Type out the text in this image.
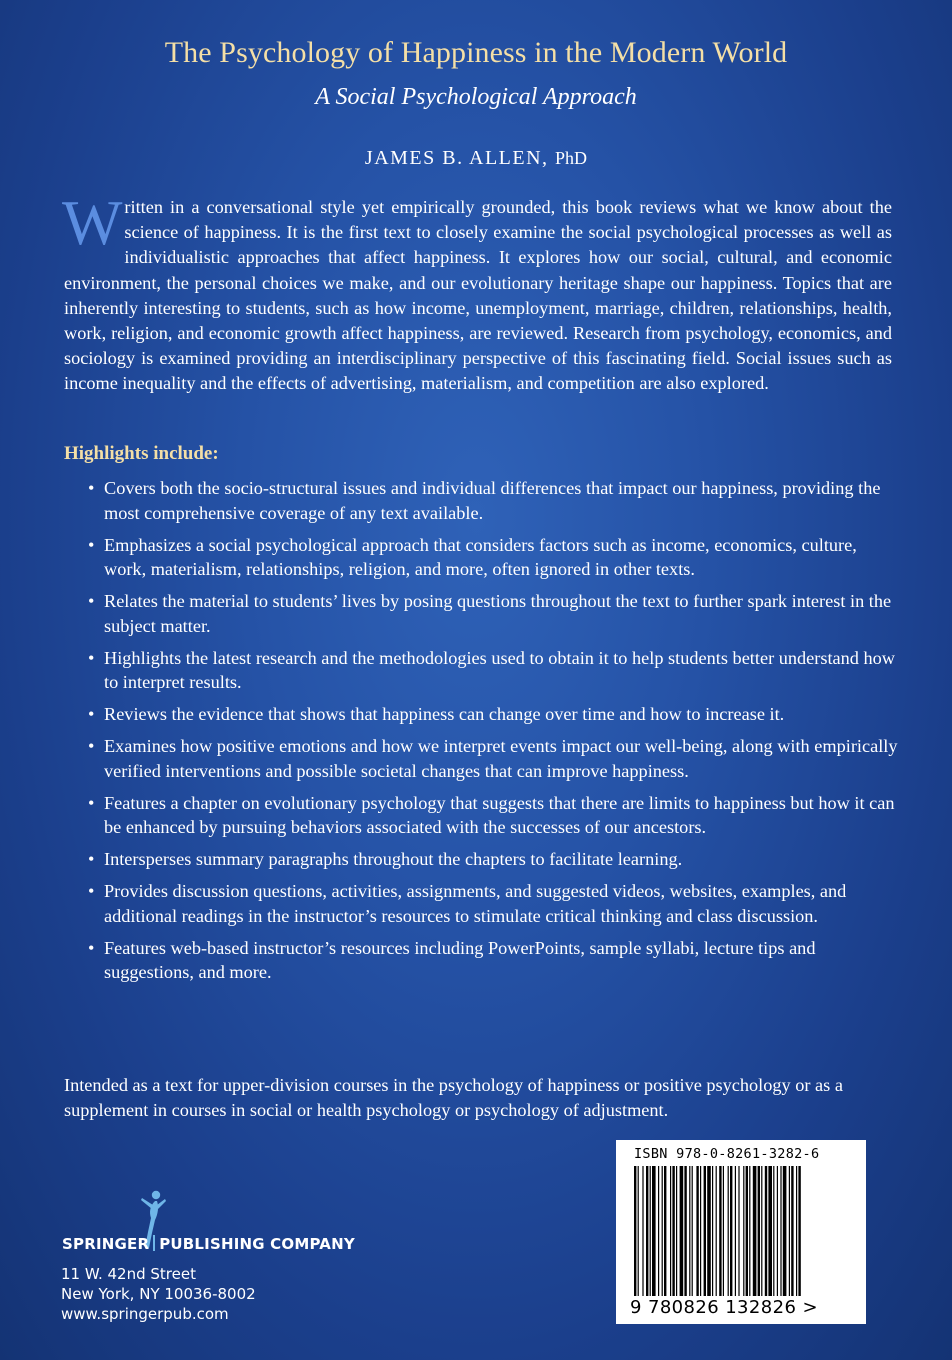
The Psychology of Happiness in the Modern World
A Social Psychological Approach
JAMES B. ALLEN, PhD

Written in a conversational style yet empirically grounded, this book reviews what we know about the science of happiness. It is the first text to closely examine the social psychological processes as well as individualistic approaches that affect happiness. It explores how our social, cultural, and economic environment, the personal choices we make, and our evolutionary heritage shape our happiness. Topics that are inherently interesting to students, such as how income, unemployment, marriage, children, relationships, health, work, religion, and economic growth affect happiness, are reviewed. Research from psychology, economics, and sociology is examined providing an interdisciplinary perspective of this fascinating field. Social issues such as income inequality and the effects of advertising, materialism, and competition are also explored.

Highlights include:
• Covers both the socio-structural issues and individual differences that impact our happiness, providing the most comprehensive coverage of any text available.
• Emphasizes a social psychological approach that considers factors such as income, economics, culture, work, materialism, relationships, religion, and more, often ignored in other texts.
• Relates the material to students’ lives by posing questions throughout the text to further spark interest in the subject matter.
• Highlights the latest research and the methodologies used to obtain it to help students better understand how to interpret results.
• Reviews the evidence that shows that happiness can change over time and how to increase it.
• Examines how positive emotions and how we interpret events impact our well-being, along with empirically verified interventions and possible societal changes that can improve happiness.
• Features a chapter on evolutionary psychology that suggests that there are limits to happiness but how it can be enhanced by pursuing behaviors associated with the successes of our ancestors.
• Intersperses summary paragraphs throughout the chapters to facilitate learning.
• Provides discussion questions, activities, assignments, and suggested videos, websites, examples, and additional readings in the instructor’s resources to stimulate critical thinking and class discussion.
• Features web-based instructor’s resources including PowerPoints, sample syllabi, lecture tips and suggestions, and more.

Intended as a text for upper-division courses in the psychology of happiness or positive psychology or as a supplement in courses in social or health psychology or psychology of adjustment.

SPRINGER PUBLISHING COMPANY
11 W. 42nd Street
New York, NY 10036-8002
www.springerpub.com
ISBN 978-0-8261-3282-6
9 780826 132826 >
